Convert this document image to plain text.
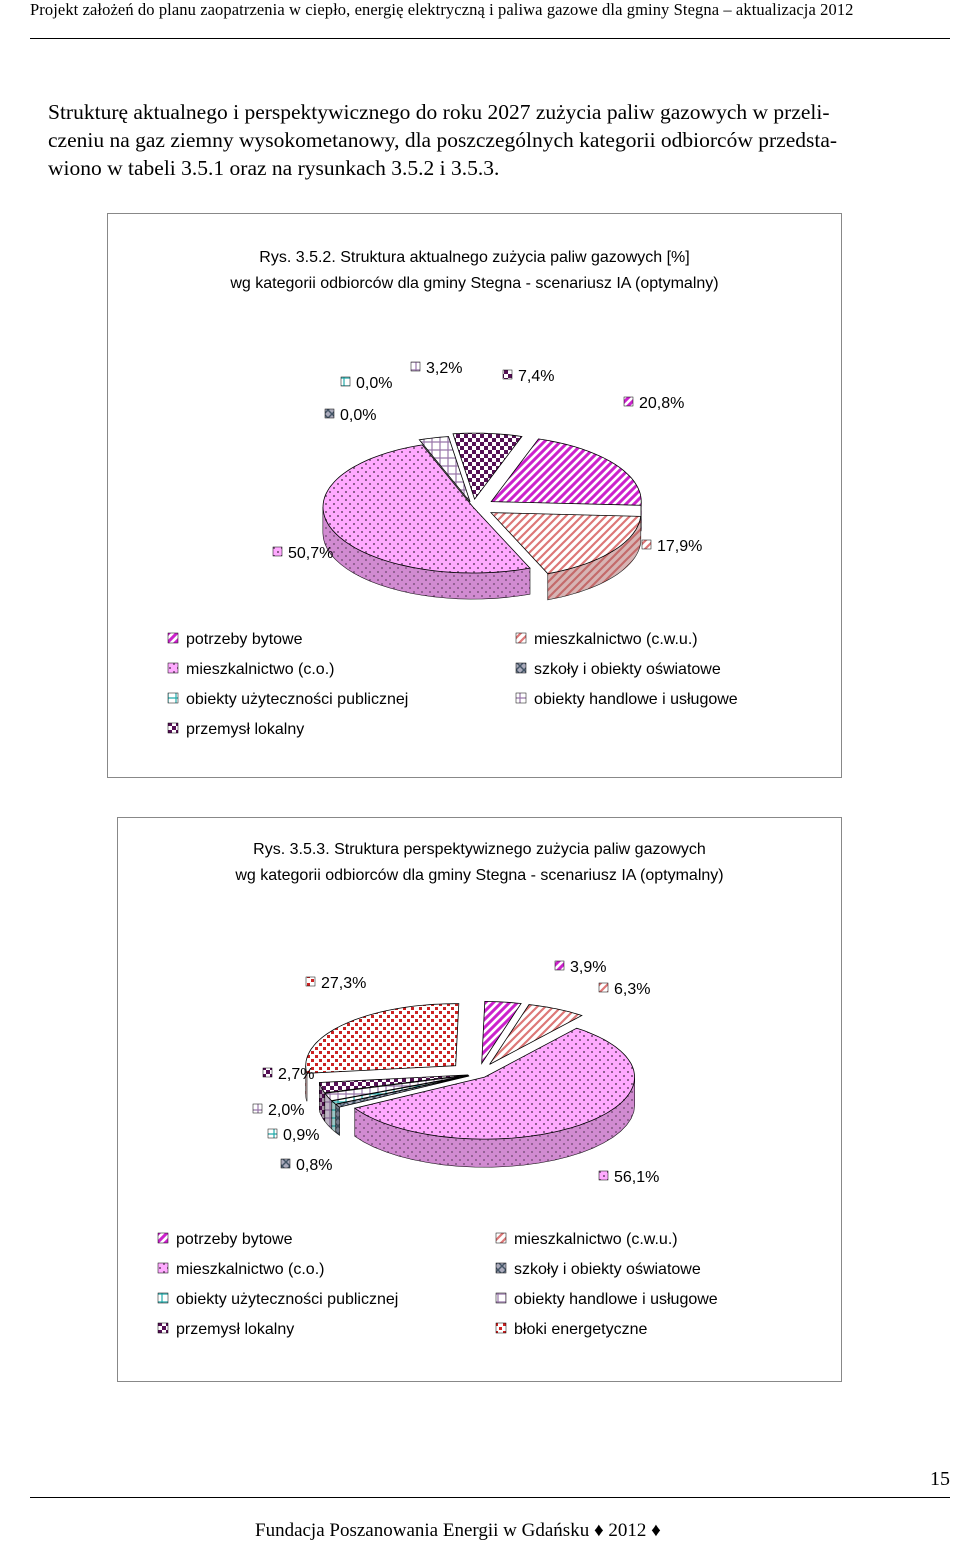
Projekt założeń do planu zaopatrzenia w ciepło, energię elektryczną i paliwa gazowe dla gminy Stegna – aktualizacja 2012
Strukturę aktualnego i perspektywicznego do roku 2027 zużycia paliw gazowych w przeli-
czeniu na gaz ziemny wysokometanowy, dla poszczególnych kategorii odbiorców przedsta-
wiono w tabeli 3.5.1 oraz na rysunkach 3.5.2 i 3.5.3.
Rys. 3.5.2. Struktura aktualnego zużycia paliw gazowych [%]
wg kategorii odbiorców dla gminy Stegna - scenariusz IA (optymalny)
20,8%
17,9%
50,7%
0,0%
0,0%
3,2%	7,4%
potrzeby bytowe	mieszkalnictwo (c.w.u.)
mieszkalnictwo (c.o.)	szkoły i obiekty oświatowe
obiekty użyteczności publicznej	obiekty handlowe i usługowe
przemysł lokalny
Rys. 3.5.3. Struktura perspektywiznego zużycia paliw gazowych
wg kategorii odbiorców dla gminy Stegna - scenariusz IA (optymalny)
3,9%
6,3%
56,1%
0,8%
0,9%
2,0%
2,7%
27,3%
potrzeby bytowe	mieszkalnictwo (c.w.u.)
mieszkalnictwo (c.o.)	szkoły i obiekty oświatowe
obiekty użyteczności publicznej	obiekty handlowe i usługowe
przemysł lokalny	błoki energetyczne
15
Fundacja Poszanowania Energii w Gdańsku ♦ 2012 ♦
